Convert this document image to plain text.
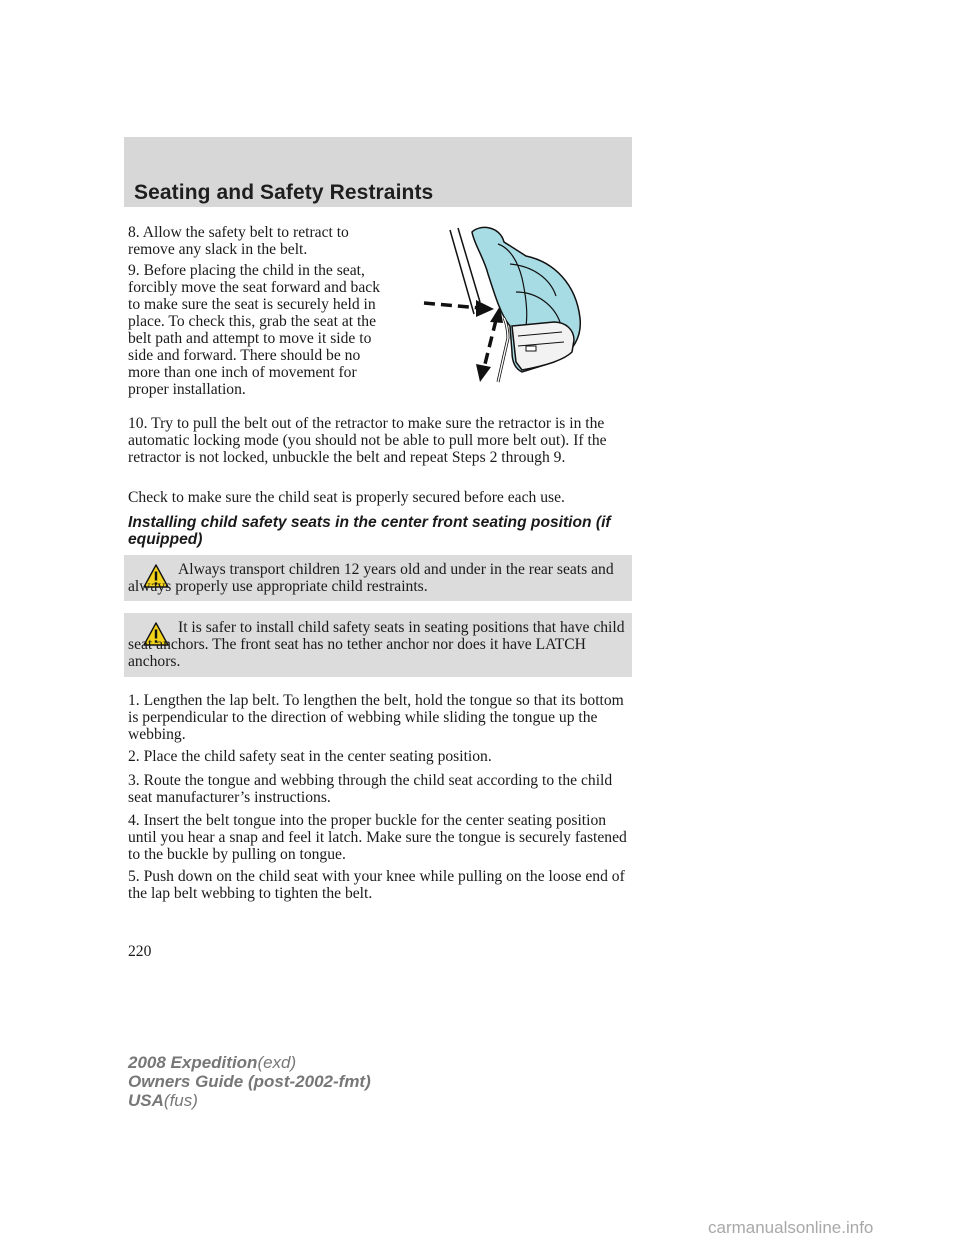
Seating and Safety Restraints

8. Allow the safety belt to retract to remove any slack in the belt.

9. Before placing the child in the seat, forcibly move the seat forward and back to make sure the seat is securely held in place. To check this, grab the seat at the belt path and attempt to move it side to side and forward. There should be no more than one inch of movement for proper installation.

10. Try to pull the belt out of the retractor to make sure the retractor is in the automatic locking mode (you should not be able to pull more belt out). If the retractor is not locked, unbuckle the belt and repeat Steps 2 through 9.

Check to make sure the child seat is properly secured before each use.

Installing child safety seats in the center front seating position (if equipped)
Always transport children 12 years old and under in the rear seats and always properly use appropriate child restraints.
It is safer to install child safety seats in seating positions that have child seat anchors. The front seat has no tether anchor nor does it have LATCH anchors.

1. Lengthen the lap belt. To lengthen the belt, hold the tongue so that its bottom is perpendicular to the direction of webbing while sliding the tongue up the webbing.

2. Place the child safety seat in the center seating position.

3. Route the tongue and webbing through the child seat according to the child seat manufacturer’s instructions.

4. Insert the belt tongue into the proper buckle for the center seating position until you hear a snap and feel it latch. Make sure the tongue is securely fastened to the buckle by pulling on tongue.

5. Push down on the child seat with your knee while pulling on the loose end of the lap belt webbing to tighten the belt.

220
2008 Expedition(exd)
Owners Guide (post-2002-fmt)
USA(fus)
carmanualsonline.info
